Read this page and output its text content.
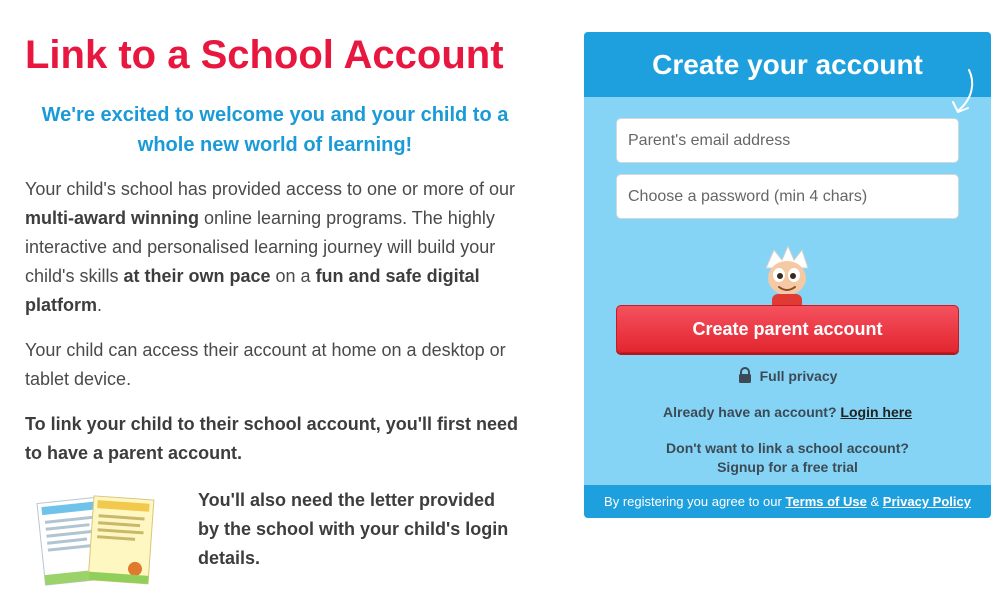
Link to a School Account
We're excited to welcome you and your child to a whole new world of learning!

Your child's school has provided access to one or more of our multi-award winning online learning programs. The highly interactive and personalised learning journey will build your child's skills at their own pace on a fun and safe digital platform.

Your child can access their account at home on a desktop or tablet device.

To link your child to their school account, you'll first need to have a parent account.

You'll also need the letter provided by the school with your child's login details.
Create your account
Parent's email address
Create parent account
Full privacy
Already have an account? Login here
Don't want to link a school account?
Signup for a free trial
By registering you agree to our Terms of Use & Privacy Policy
